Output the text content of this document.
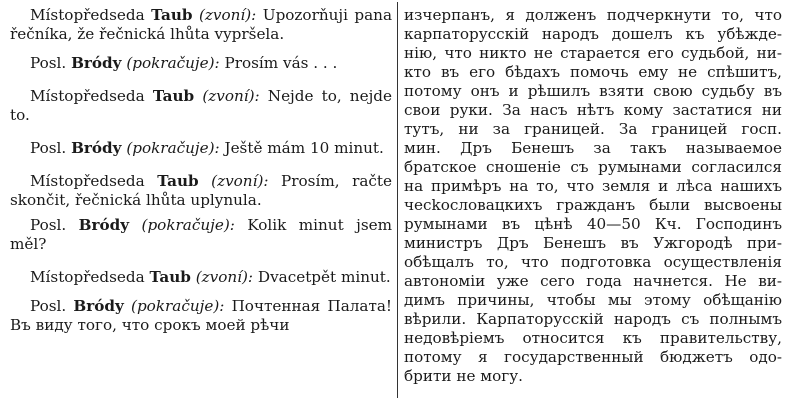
Místopředseda Taub (zvoní): Upozorňuji pana řečníka, že řečnická lhůta vypršela.

Posl. Bródy (pokračuje): Prosím vás . . .

Místopředseda Taub (zvoní): Nejde to, nejde to.

Posl. Bródy (pokračuje): Ještě mám 10 minut.

Místopředseda Taub (zvoní): Prosím, račte skončit, řečnická lhůta uplynula.

Posl. Bródy (pokračuje): Kolik minut jsem měl?

Místopředseda Taub (zvoní): Dvacetpět minut.

Posl. Bródy (pokračuje): Почтенная Палата! Въ виду того, что срокъ моей рѣчи

изчерпанъ, я долженъ подчеркнути то, что
карпаторусскій народъ дошелъ къ убѣжде-
нію, что никто не старается его судьбой, ни-
кто въ его бѣдахъ помочь ему не спѣшитъ,
потому онъ и рѣшилъ взяти свою судьбу въ
свои руки. За насъ нѣтъ кому застатися ни
тутъ, ни за границей. За границей госп.
мин. Дръ Бенешъ за такъ называемое
братское сношеніе съ румынами согласился
на примѣръ на то, что земля и лѣса нашихъ
чесkословацкихъ гражданъ были высвоены
румынами въ цѣнѣ 40—50 Кч. Господинъ
министръ Дръ Бенешъ въ Ужгородѣ при-
обѣщалъ то, что подготовка осуществленія
автономіи уже сего года начнется. Не ви-
димъ причины, чтобы мы этому обѣщанію
вѣрили. Карпаторусскій народъ съ полнымъ
недовѣріемъ относится къ правительству,
потому я государственный бюджетъ одо-
брити не могу.
